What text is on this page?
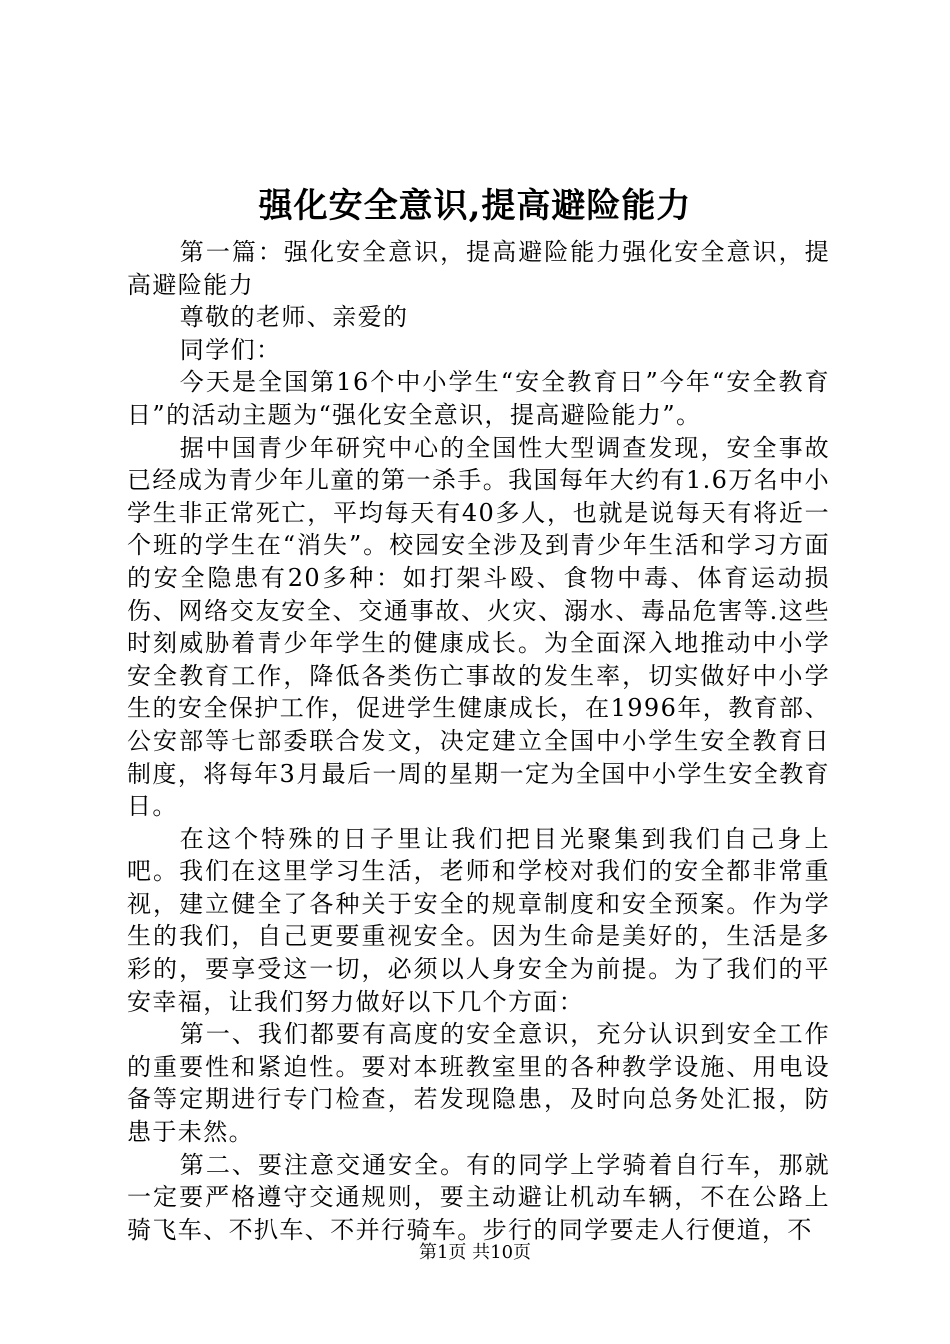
强化安全意识,提高避险能力

第一篇：强化安全意识，提高避险能力强化安全意识，提高避险能力

尊敬的老师、亲爱的

同学们：

今天是全国第16个中小学生“安全教育日”今年“安全教育日”的活动主题为“强化安全意识，提高避险能力”。

据中国青少年研究中心的全国性大型调查发现，安全事故已经成为青少年儿童的第一杀手。我国每年大约有1.6万名中小学生非正常死亡，平均每天有40多人，也就是说每天有将近一个班的学生在“消失”。校园安全涉及到青少年生活和学习方面的安全隐患有20多种：如打架斗殴、食物中毒、体育运动损伤、网络交友安全、交通事故、火灾、溺水、毒品危害等.这些时刻威胁着青少年学生的健康成长。为全面深入地推动中小学安全教育工作，降低各类伤亡事故的发生率，切实做好中小学生的安全保护工作，促进学生健康成长，在1996年，教育部、公安部等七部委联合发文，决定建立全国中小学生安全教育日制度，将每年3月最后一周的星期一定为全国中小学生安全教育日。

在这个特殊的日子里让我们把目光聚集到我们自己身上吧。我们在这里学习生活，老师和学校对我们的安全都非常重视，建立健全了各种关于安全的规章制度和安全预案。作为学生的我们，自己更要重视安全。因为生命是美好的，生活是多彩的，要享受这一切，必须以人身安全为前提。为了我们的平安幸福，让我们努力做好以下几个方面：

第一、我们都要有高度的安全意识，充分认识到安全工作的重要性和紧迫性。要对本班教室里的各种教学设施、用电设备等定期进行专门检查，若发现隐患，及时向总务处汇报，防患于未然。

第二、要注意交通安全。有的同学上学骑着自行车，那就一定要严格遵守交通规则，要主动避让机动车辆，不在公路上骑飞车、不扒车、不并行骑车。步行的同学要走人行便道，不

第1页 共10页
